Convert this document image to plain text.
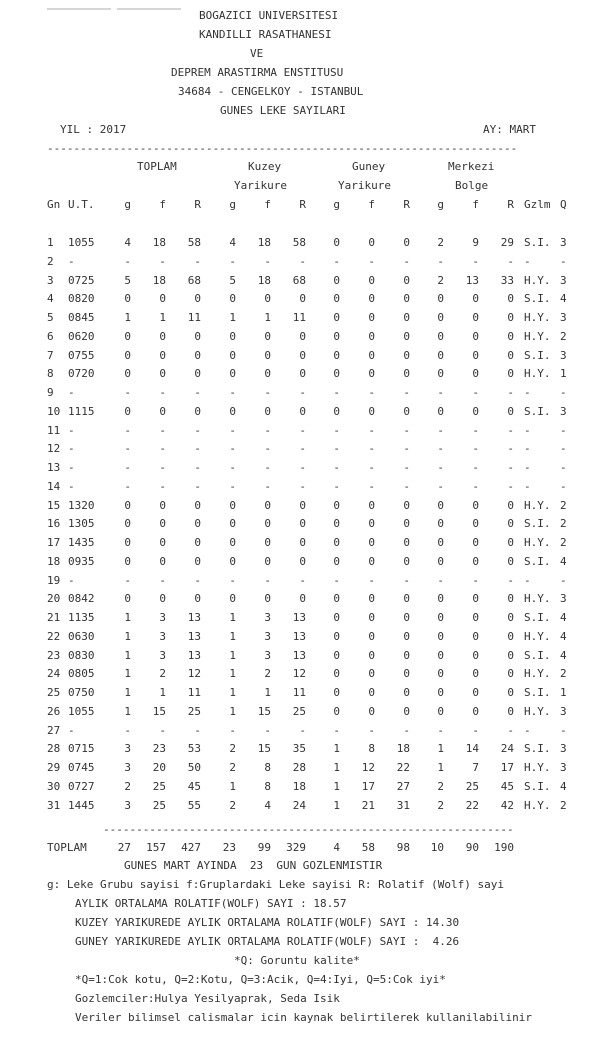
BOGAZICI UNIVERSITESI
KANDILLI RASATHANESI
VE
DEPREM ARASTIRMA ENSTITUSU
34684 - CENGELKOY - ISTANBUL
GUNES LEKE SAYILARI
YIL : 2017	AY: MART
-----------------------------------------------------------------------
TOPLAM	Kuzey	Guney	Merkezi
Yarikure	Yarikure	Bolge
Gn U.T.	g	f	R	g	f	R g	f	R g	f	R Gzlm Q
1 1055	4 18 58	4 18 58 0	0	0 2	9 29 S.I. 3
2 -	-	-	-	-	-	- -	-	- -	-	- -	-
3 0725	5 18 68	5 18 68 0	0	0 2 13 33 H.Y. 3
4 0820	0	0	0	0	0	0 0	0	0 0	0	0 S.I. 4
5 0845	1	1 11	1	1 11 0	0	0 0	0	0 H.Y. 3
6 0620	0	0	0	0	0	0 0	0	0 0	0	0 H.Y. 2
7 0755	0	0	0	0	0	0 0	0	0 0	0	0 S.I. 3
8 0720	0	0	0	0	0	0 0	0	0 0	0	0 H.Y. 1
9 -	-	-	-	-	-	- -	-	- -	-	- -	-
10 1115	0	0	0	0	0	0 0	0	0 0	0	0 S.I. 3
11 -	-	-	-	-	-	- -	-	- -	-	- -	-
12 -	-	-	-	-	-	- -	-	- -	-	- -	-
13 -	-	-	-	-	-	- -	-	- -	-	- -	-
14 -	-	-	-	-	-	- -	-	- -	-	- -	-
15 1320	0	0	0	0	0	0 0	0	0 0	0	0 H.Y. 2
16 1305	0	0	0	0	0	0 0	0	0 0	0	0 S.I. 2
17 1435	0	0	0	0	0	0 0	0	0 0	0	0 H.Y. 2
18 0935	0	0	0	0	0	0 0	0	0 0	0	0 S.I. 4
19 -	-	-	-	-	-	- -	-	- -	-	- -	-
20 0842	0	0	0	0	0	0 0	0	0 0	0	0 H.Y. 3
21 1135	1	3 13	1	3 13 0	0	0 0	0	0 S.I. 4
22 0630	1	3 13	1	3 13 0	0	0 0	0	0 H.Y. 4
23 0830	1	3 13	1	3 13 0	0	0 0	0	0 S.I. 4
24 0805	1	2 12	1	2 12 0	0	0 0	0	0 H.Y. 2
25 0750	1	1 11	1	1 11 0	0	0 0	0	0 S.I. 1
26 1055	1 15 25	1 15 25 0	0	0 0	0	0 H.Y. 3
27 -	-	-	-	-	-	- -	-	- -	-	- -	-
28 0715	3 23 53	2 15 35 1	8 18 1 14 24 S.I. 3
29 0745	3 20 50	2	8 28 1 12 22 1	7 17 H.Y. 3
30 0727	2 25 45	1	8 18 1 17 27 2 25 45 S.I. 4
31 1445	3 25 55	2	4 24 1 21 31 2 22 42 H.Y. 2
--------------------------------------------------------------
TOPLAM	27 157 427 23 99 329 4 58 98 10 90 190
GUNES MART AYINDA  23  GUN GOZLENMISTIR
g: Leke Grubu sayisi f:Gruplardaki Leke sayisi R: Rolatif (Wolf) sayi
AYLIK ORTALAMA ROLATIF(WOLF) SAYI : 18.57
KUZEY YARIKUREDE AYLIK ORTALAMA ROLATIF(WOLF) SAYI : 14.30
GUNEY YARIKUREDE AYLIK ORTALAMA ROLATIF(WOLF) SAYI :  4.26
*Q: Goruntu kalite*
*Q=1:Cok kotu, Q=2:Kotu, Q=3:Acik, Q=4:Iyi, Q=5:Cok iyi*
Gozlemciler:Hulya Yesilyaprak, Seda Isik
Veriler bilimsel calismalar icin kaynak belirtilerek kullanilabilinir
